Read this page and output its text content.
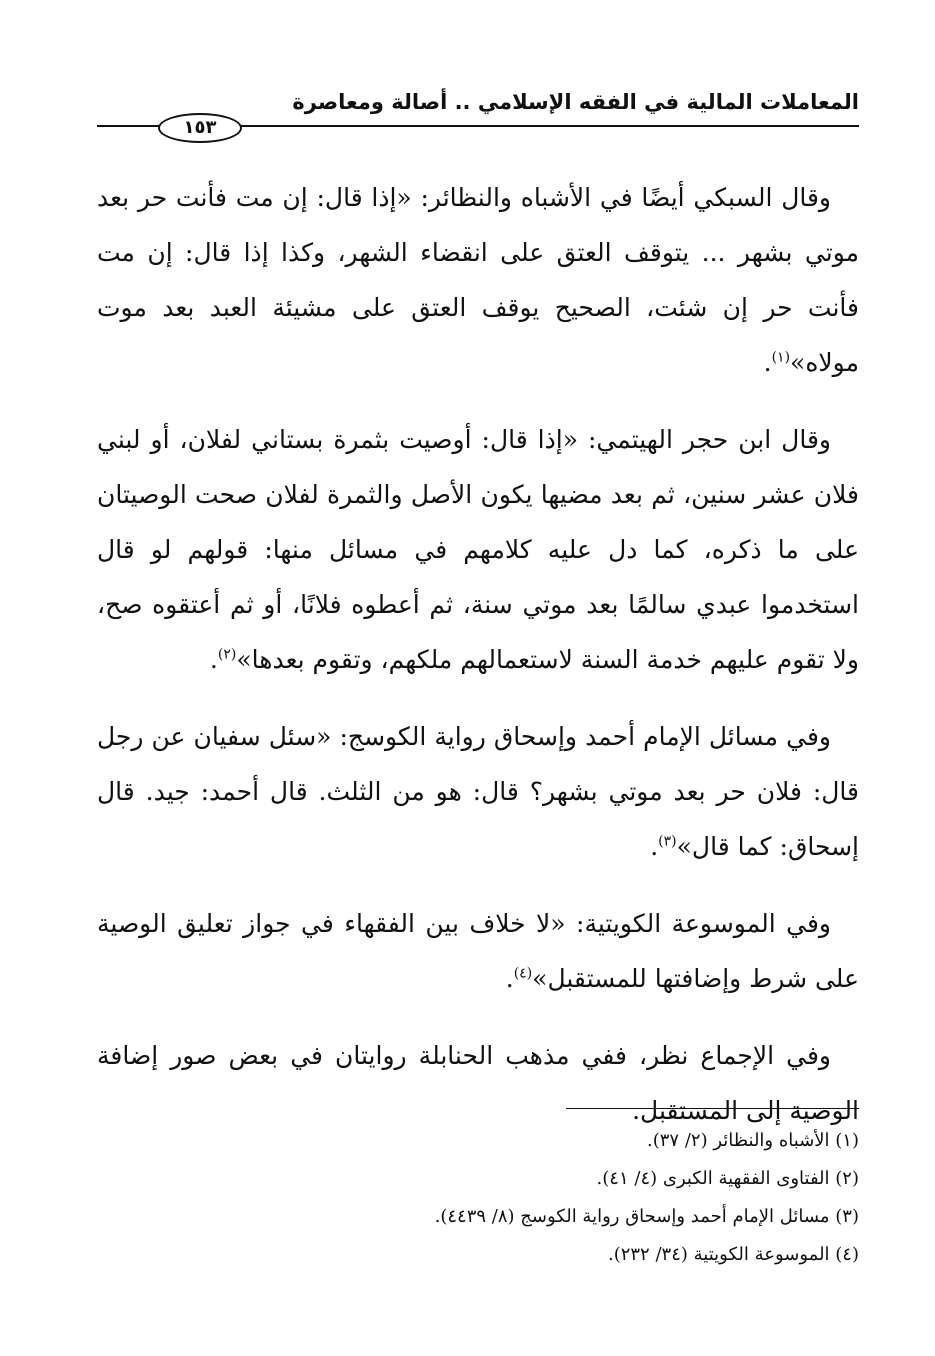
المعاملات المالية في الفقه الإسلامي .. أصالة ومعاصرة
١٥٣

وقال السبكي أيضًا في الأشباه والنظائر: «إذا قال: إن مت فأنت حر بعد موتي بشهر ... يتوقف العتق على انقضاء الشهر، وكذا إذا قال: إن مت فأنت حر إن شئت، الصحيح يوقف العتق على مشيئة العبد بعد موت مولاه»$^{(١)}$.

وقال ابن حجر الهيتمي: «إذا قال: أوصيت بثمرة بستاني لفلان، أو لبني فلان عشر سنين، ثم بعد مضيها يكون الأصل والثمرة لفلان صحت الوصيتان على ما ذكره، كما دل عليه كلامهم في مسائل منها: قولهم لو قال استخدموا عبدي سالمًا بعد موتي سنة، ثم أعطوه فلانًا، أو ثم أعتقوه صح، ولا تقوم عليهم خدمة السنة لاستعمالهم ملكهم، وتقوم بعدها»$^{(٢)}$.

وفي مسائل الإمام أحمد وإسحاق رواية الكوسج: «سئل سفيان عن رجل قال: فلان حر بعد موتي بشهر؟ قال: هو من الثلث. قال أحمد: جيد. قال إسحاق: كما قال»$^{(٣)}$.

وفي الموسوعة الكويتية: «لا خلاف بين الفقهاء في جواز تعليق الوصية على شرط وإضافتها للمستقبل»$^{(٤)}$.

وفي الإجماع نظر، ففي مذهب الحنابلة روايتان في بعض صور إضافة الوصية إلى المستقبل.

(١) الأشباه والنظائر (٢/ ٣٧).
(٢) الفتاوى الفقهية الكبرى (٤/ ٤١).
(٣) مسائل الإمام أحمد وإسحاق رواية الكوسج (٨/ ٤٤٣٩).
(٤) الموسوعة الكويتية (٣٤/ ٢٣٢).
